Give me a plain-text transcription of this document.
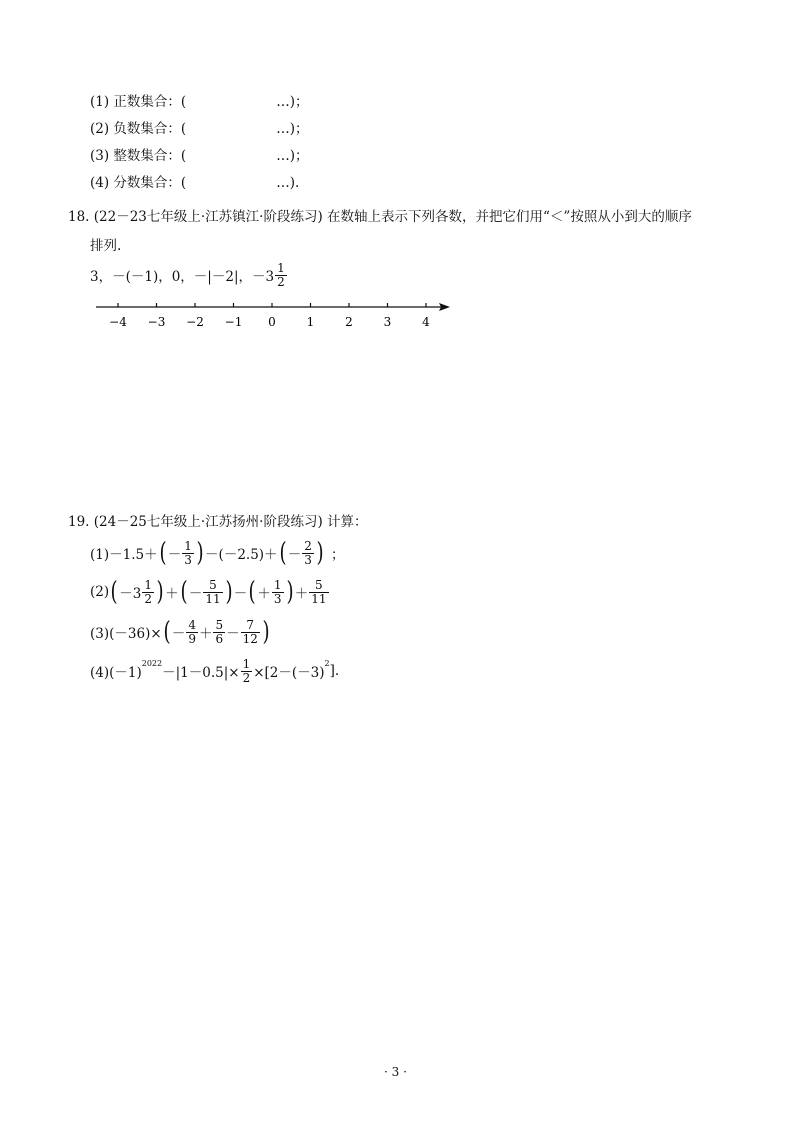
(1) 正数集合：(	…)；
(2) 负数集合：(	…)；
(3) 整数集合：(	…)；
(4) 分数集合：(	…).
18. (22－23七年级上·江苏镇江·阶段练习) 在数轴上表示下列各数，并把它们用“＜”按照从小到大的顺序
排列.
3，－(－1)，0，－|－2|，$-3 \frac{1}{2}$
−4 −3 −2 −1 0	1	2	3	4
19. (24－25七年级上·江苏扬州·阶段练习) 计算：
(1)－1.5＋ ( － $\frac{1}{3}$ ) －(－2.5)＋ ( － $\frac{2}{3}$ ) ；
(2) ( $-3 \frac{1}{2}$ ) ＋ ( － $\frac{5}{11}$ ) － ( ＋ $\frac{1}{3}$ ) ＋ $\frac{5}{11}$
(3)(－36)× ( － $\frac{4}{9} + \frac{5}{6} - \frac{7}{12}$ )
(4)(－1)
$^{2022}$
$-|1-0.5|\times \frac{1}{2} \times[2-(-3)$
$^2$ ].
· 3 ·
